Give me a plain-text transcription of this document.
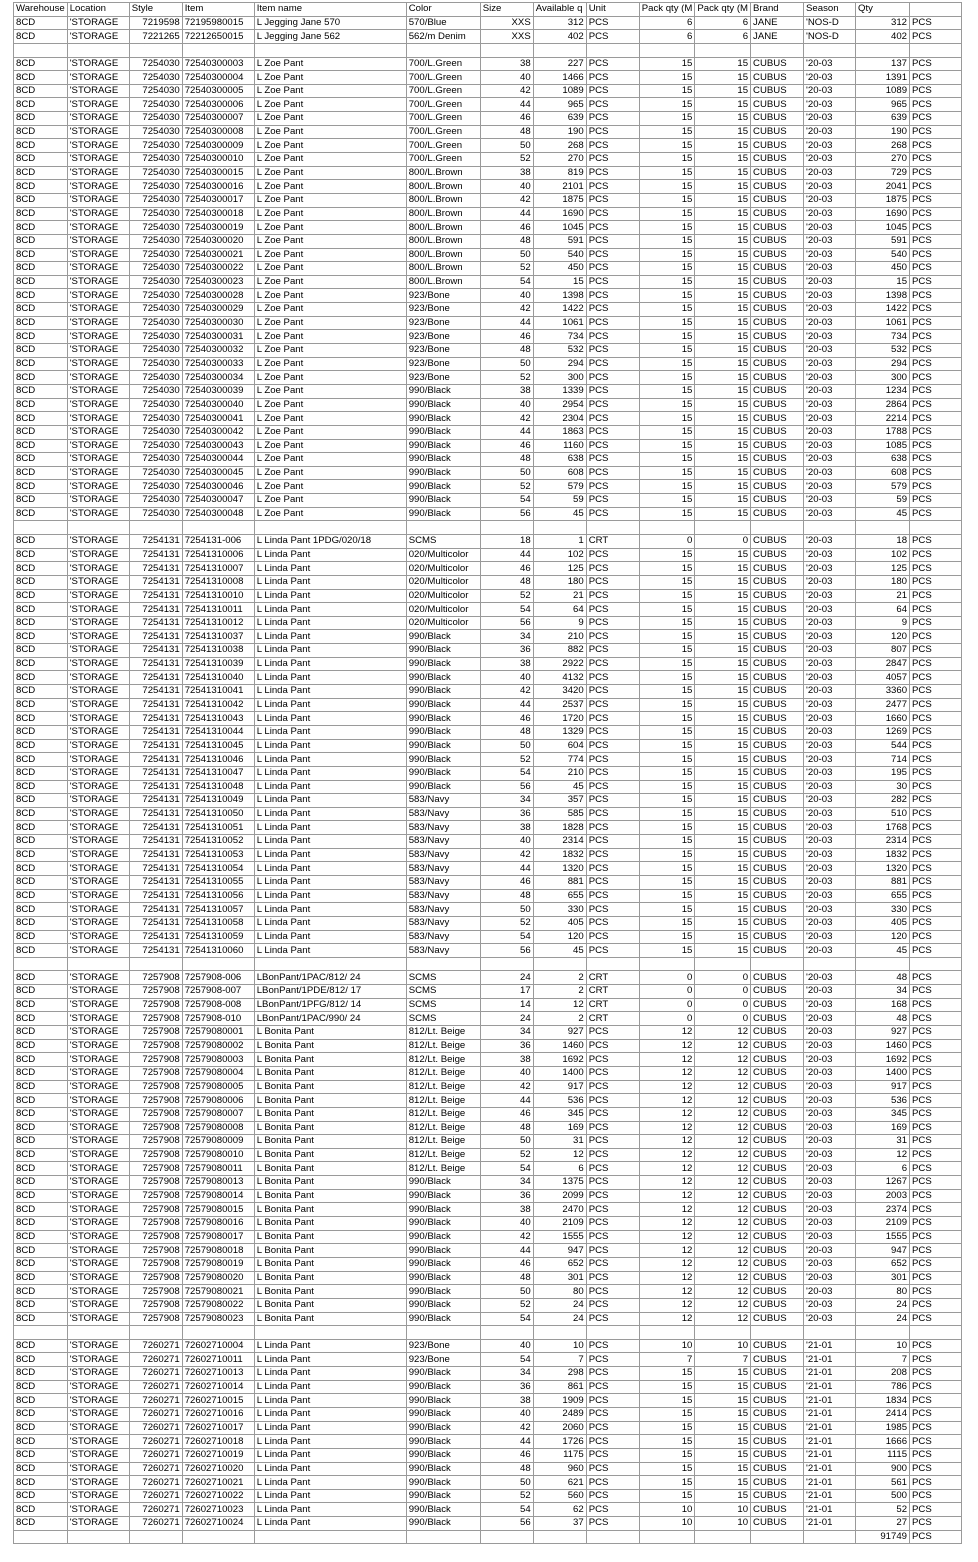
Warehouse	Location	Style	Item	Item name	Color	Size	Available q	Unit	Pack qty (M	Pack qty (M	Brand	Season	Qty	
8CD	'STORAGE	7219598	72195980015	L Jegging Jane 570	570/Blue	XXS	312	PCS	6	6	JANE	'NOS-D	312	PCS
8CD	'STORAGE	7221265	72212650015	L Jegging Jane 562	562/m Denim	XXS	402	PCS	6	6	JANE	'NOS-D	402	PCS

8CD	'STORAGE	7254030	72540300003	L Zoe Pant	700/L.Green	38	227	PCS	15	15	CUBUS	'20-03	137	PCS
8CD	'STORAGE	7254030	72540300004	L Zoe Pant	700/L.Green	40	1466	PCS	15	15	CUBUS	'20-03	1391	PCS
8CD	'STORAGE	7254030	72540300005	L Zoe Pant	700/L.Green	42	1089	PCS	15	15	CUBUS	'20-03	1089	PCS
8CD	'STORAGE	7254030	72540300006	L Zoe Pant	700/L.Green	44	965	PCS	15	15	CUBUS	'20-03	965	PCS
8CD	'STORAGE	7254030	72540300007	L Zoe Pant	700/L.Green	46	639	PCS	15	15	CUBUS	'20-03	639	PCS
8CD	'STORAGE	7254030	72540300008	L Zoe Pant	700/L.Green	48	190	PCS	15	15	CUBUS	'20-03	190	PCS
8CD	'STORAGE	7254030	72540300009	L Zoe Pant	700/L.Green	50	268	PCS	15	15	CUBUS	'20-03	268	PCS
8CD	'STORAGE	7254030	72540300010	L Zoe Pant	700/L.Green	52	270	PCS	15	15	CUBUS	'20-03	270	PCS
8CD	'STORAGE	7254030	72540300015	L Zoe Pant	800/L.Brown	38	819	PCS	15	15	CUBUS	'20-03	729	PCS
8CD	'STORAGE	7254030	72540300016	L Zoe Pant	800/L.Brown	40	2101	PCS	15	15	CUBUS	'20-03	2041	PCS
8CD	'STORAGE	7254030	72540300017	L Zoe Pant	800/L.Brown	42	1875	PCS	15	15	CUBUS	'20-03	1875	PCS
8CD	'STORAGE	7254030	72540300018	L Zoe Pant	800/L.Brown	44	1690	PCS	15	15	CUBUS	'20-03	1690	PCS
8CD	'STORAGE	7254030	72540300019	L Zoe Pant	800/L.Brown	46	1045	PCS	15	15	CUBUS	'20-03	1045	PCS
8CD	'STORAGE	7254030	72540300020	L Zoe Pant	800/L.Brown	48	591	PCS	15	15	CUBUS	'20-03	591	PCS
8CD	'STORAGE	7254030	72540300021	L Zoe Pant	800/L.Brown	50	540	PCS	15	15	CUBUS	'20-03	540	PCS
8CD	'STORAGE	7254030	72540300022	L Zoe Pant	800/L.Brown	52	450	PCS	15	15	CUBUS	'20-03	450	PCS
8CD	'STORAGE	7254030	72540300023	L Zoe Pant	800/L.Brown	54	15	PCS	15	15	CUBUS	'20-03	15	PCS
8CD	'STORAGE	7254030	72540300028	L Zoe Pant	923/Bone	40	1398	PCS	15	15	CUBUS	'20-03	1398	PCS
8CD	'STORAGE	7254030	72540300029	L Zoe Pant	923/Bone	42	1422	PCS	15	15	CUBUS	'20-03	1422	PCS
8CD	'STORAGE	7254030	72540300030	L Zoe Pant	923/Bone	44	1061	PCS	15	15	CUBUS	'20-03	1061	PCS
8CD	'STORAGE	7254030	72540300031	L Zoe Pant	923/Bone	46	734	PCS	15	15	CUBUS	'20-03	734	PCS
8CD	'STORAGE	7254030	72540300032	L Zoe Pant	923/Bone	48	532	PCS	15	15	CUBUS	'20-03	532	PCS
8CD	'STORAGE	7254030	72540300033	L Zoe Pant	923/Bone	50	294	PCS	15	15	CUBUS	'20-03	294	PCS
8CD	'STORAGE	7254030	72540300034	L Zoe Pant	923/Bone	52	300	PCS	15	15	CUBUS	'20-03	300	PCS
8CD	'STORAGE	7254030	72540300039	L Zoe Pant	990/Black	38	1339	PCS	15	15	CUBUS	'20-03	1234	PCS
8CD	'STORAGE	7254030	72540300040	L Zoe Pant	990/Black	40	2954	PCS	15	15	CUBUS	'20-03	2864	PCS
8CD	'STORAGE	7254030	72540300041	L Zoe Pant	990/Black	42	2304	PCS	15	15	CUBUS	'20-03	2214	PCS
8CD	'STORAGE	7254030	72540300042	L Zoe Pant	990/Black	44	1863	PCS	15	15	CUBUS	'20-03	1788	PCS
8CD	'STORAGE	7254030	72540300043	L Zoe Pant	990/Black	46	1160	PCS	15	15	CUBUS	'20-03	1085	PCS
8CD	'STORAGE	7254030	72540300044	L Zoe Pant	990/Black	48	638	PCS	15	15	CUBUS	'20-03	638	PCS
8CD	'STORAGE	7254030	72540300045	L Zoe Pant	990/Black	50	608	PCS	15	15	CUBUS	'20-03	608	PCS
8CD	'STORAGE	7254030	72540300046	L Zoe Pant	990/Black	52	579	PCS	15	15	CUBUS	'20-03	579	PCS
8CD	'STORAGE	7254030	72540300047	L Zoe Pant	990/Black	54	59	PCS	15	15	CUBUS	'20-03	59	PCS
8CD	'STORAGE	7254030	72540300048	L Zoe Pant	990/Black	56	45	PCS	15	15	CUBUS	'20-03	45	PCS

8CD	'STORAGE	7254131	7254131-006	L Linda Pant 1PDG/020/18	SCMS	18	1	CRT	0	0	CUBUS	'20-03	18	PCS
8CD	'STORAGE	7254131	72541310006	L Linda Pant	020/Multicolor	44	102	PCS	15	15	CUBUS	'20-03	102	PCS
8CD	'STORAGE	7254131	72541310007	L Linda Pant	020/Multicolor	46	125	PCS	15	15	CUBUS	'20-03	125	PCS
8CD	'STORAGE	7254131	72541310008	L Linda Pant	020/Multicolor	48	180	PCS	15	15	CUBUS	'20-03	180	PCS
8CD	'STORAGE	7254131	72541310010	L Linda Pant	020/Multicolor	52	21	PCS	15	15	CUBUS	'20-03	21	PCS
8CD	'STORAGE	7254131	72541310011	L Linda Pant	020/Multicolor	54	64	PCS	15	15	CUBUS	'20-03	64	PCS
8CD	'STORAGE	7254131	72541310012	L Linda Pant	020/Multicolor	56	9	PCS	15	15	CUBUS	'20-03	9	PCS
8CD	'STORAGE	7254131	72541310037	L Linda Pant	990/Black	34	210	PCS	15	15	CUBUS	'20-03	120	PCS
8CD	'STORAGE	7254131	72541310038	L Linda Pant	990/Black	36	882	PCS	15	15	CUBUS	'20-03	807	PCS
8CD	'STORAGE	7254131	72541310039	L Linda Pant	990/Black	38	2922	PCS	15	15	CUBUS	'20-03	2847	PCS
8CD	'STORAGE	7254131	72541310040	L Linda Pant	990/Black	40	4132	PCS	15	15	CUBUS	'20-03	4057	PCS
8CD	'STORAGE	7254131	72541310041	L Linda Pant	990/Black	42	3420	PCS	15	15	CUBUS	'20-03	3360	PCS
8CD	'STORAGE	7254131	72541310042	L Linda Pant	990/Black	44	2537	PCS	15	15	CUBUS	'20-03	2477	PCS
8CD	'STORAGE	7254131	72541310043	L Linda Pant	990/Black	46	1720	PCS	15	15	CUBUS	'20-03	1660	PCS
8CD	'STORAGE	7254131	72541310044	L Linda Pant	990/Black	48	1329	PCS	15	15	CUBUS	'20-03	1269	PCS
8CD	'STORAGE	7254131	72541310045	L Linda Pant	990/Black	50	604	PCS	15	15	CUBUS	'20-03	544	PCS
8CD	'STORAGE	7254131	72541310046	L Linda Pant	990/Black	52	774	PCS	15	15	CUBUS	'20-03	714	PCS
8CD	'STORAGE	7254131	72541310047	L Linda Pant	990/Black	54	210	PCS	15	15	CUBUS	'20-03	195	PCS
8CD	'STORAGE	7254131	72541310048	L Linda Pant	990/Black	56	45	PCS	15	15	CUBUS	'20-03	30	PCS
8CD	'STORAGE	7254131	72541310049	L Linda Pant	583/Navy	34	357	PCS	15	15	CUBUS	'20-03	282	PCS
8CD	'STORAGE	7254131	72541310050	L Linda Pant	583/Navy	36	585	PCS	15	15	CUBUS	'20-03	510	PCS
8CD	'STORAGE	7254131	72541310051	L Linda Pant	583/Navy	38	1828	PCS	15	15	CUBUS	'20-03	1768	PCS
8CD	'STORAGE	7254131	72541310052	L Linda Pant	583/Navy	40	2314	PCS	15	15	CUBUS	'20-03	2314	PCS
8CD	'STORAGE	7254131	72541310053	L Linda Pant	583/Navy	42	1832	PCS	15	15	CUBUS	'20-03	1832	PCS
8CD	'STORAGE	7254131	72541310054	L Linda Pant	583/Navy	44	1320	PCS	15	15	CUBUS	'20-03	1320	PCS
8CD	'STORAGE	7254131	72541310055	L Linda Pant	583/Navy	46	881	PCS	15	15	CUBUS	'20-03	881	PCS
8CD	'STORAGE	7254131	72541310056	L Linda Pant	583/Navy	48	655	PCS	15	15	CUBUS	'20-03	655	PCS
8CD	'STORAGE	7254131	72541310057	L Linda Pant	583/Navy	50	330	PCS	15	15	CUBUS	'20-03	330	PCS
8CD	'STORAGE	7254131	72541310058	L Linda Pant	583/Navy	52	405	PCS	15	15	CUBUS	'20-03	405	PCS
8CD	'STORAGE	7254131	72541310059	L Linda Pant	583/Navy	54	120	PCS	15	15	CUBUS	'20-03	120	PCS
8CD	'STORAGE	7254131	72541310060	L Linda Pant	583/Navy	56	45	PCS	15	15	CUBUS	'20-03	45	PCS

8CD	'STORAGE	7257908	7257908-006	LBonPant/1PAC/812/ 24	SCMS	24	2	CRT	0	0	CUBUS	'20-03	48	PCS
8CD	'STORAGE	7257908	7257908-007	LBonPant/1PDE/812/ 17	SCMS	17	2	CRT	0	0	CUBUS	'20-03	34	PCS
8CD	'STORAGE	7257908	7257908-008	LBonPant/1PFG/812/ 14	SCMS	14	12	CRT	0	0	CUBUS	'20-03	168	PCS
8CD	'STORAGE	7257908	7257908-010	LBonPant/1PAC/990/ 24	SCMS	24	2	CRT	0	0	CUBUS	'20-03	48	PCS
8CD	'STORAGE	7257908	72579080001	L Bonita Pant	812/Lt. Beige	34	927	PCS	12	12	CUBUS	'20-03	927	PCS
8CD	'STORAGE	7257908	72579080002	L Bonita Pant	812/Lt. Beige	36	1460	PCS	12	12	CUBUS	'20-03	1460	PCS
8CD	'STORAGE	7257908	72579080003	L Bonita Pant	812/Lt. Beige	38	1692	PCS	12	12	CUBUS	'20-03	1692	PCS
8CD	'STORAGE	7257908	72579080004	L Bonita Pant	812/Lt. Beige	40	1400	PCS	12	12	CUBUS	'20-03	1400	PCS
8CD	'STORAGE	7257908	72579080005	L Bonita Pant	812/Lt. Beige	42	917	PCS	12	12	CUBUS	'20-03	917	PCS
8CD	'STORAGE	7257908	72579080006	L Bonita Pant	812/Lt. Beige	44	536	PCS	12	12	CUBUS	'20-03	536	PCS
8CD	'STORAGE	7257908	72579080007	L Bonita Pant	812/Lt. Beige	46	345	PCS	12	12	CUBUS	'20-03	345	PCS
8CD	'STORAGE	7257908	72579080008	L Bonita Pant	812/Lt. Beige	48	169	PCS	12	12	CUBUS	'20-03	169	PCS
8CD	'STORAGE	7257908	72579080009	L Bonita Pant	812/Lt. Beige	50	31	PCS	12	12	CUBUS	'20-03	31	PCS
8CD	'STORAGE	7257908	72579080010	L Bonita Pant	812/Lt. Beige	52	12	PCS	12	12	CUBUS	'20-03	12	PCS
8CD	'STORAGE	7257908	72579080011	L Bonita Pant	812/Lt. Beige	54	6	PCS	12	12	CUBUS	'20-03	6	PCS
8CD	'STORAGE	7257908	72579080013	L Bonita Pant	990/Black	34	1375	PCS	12	12	CUBUS	'20-03	1267	PCS
8CD	'STORAGE	7257908	72579080014	L Bonita Pant	990/Black	36	2099	PCS	12	12	CUBUS	'20-03	2003	PCS
8CD	'STORAGE	7257908	72579080015	L Bonita Pant	990/Black	38	2470	PCS	12	12	CUBUS	'20-03	2374	PCS
8CD	'STORAGE	7257908	72579080016	L Bonita Pant	990/Black	40	2109	PCS	12	12	CUBUS	'20-03	2109	PCS
8CD	'STORAGE	7257908	72579080017	L Bonita Pant	990/Black	42	1555	PCS	12	12	CUBUS	'20-03	1555	PCS
8CD	'STORAGE	7257908	72579080018	L Bonita Pant	990/Black	44	947	PCS	12	12	CUBUS	'20-03	947	PCS
8CD	'STORAGE	7257908	72579080019	L Bonita Pant	990/Black	46	652	PCS	12	12	CUBUS	'20-03	652	PCS
8CD	'STORAGE	7257908	72579080020	L Bonita Pant	990/Black	48	301	PCS	12	12	CUBUS	'20-03	301	PCS
8CD	'STORAGE	7257908	72579080021	L Bonita Pant	990/Black	50	80	PCS	12	12	CUBUS	'20-03	80	PCS
8CD	'STORAGE	7257908	72579080022	L Bonita Pant	990/Black	52	24	PCS	12	12	CUBUS	'20-03	24	PCS
8CD	'STORAGE	7257908	72579080023	L Bonita Pant	990/Black	54	24	PCS	12	12	CUBUS	'20-03	24	PCS

8CD	'STORAGE	7260271	72602710004	L Linda Pant	923/Bone	40	10	PCS	10	10	CUBUS	'21-01	10	PCS
8CD	'STORAGE	7260271	72602710011	L Linda Pant	923/Bone	54	7	PCS	7	7	CUBUS	'21-01	7	PCS
8CD	'STORAGE	7260271	72602710013	L Linda Pant	990/Black	34	298	PCS	15	15	CUBUS	'21-01	208	PCS
8CD	'STORAGE	7260271	72602710014	L Linda Pant	990/Black	36	861	PCS	15	15	CUBUS	'21-01	786	PCS
8CD	'STORAGE	7260271	72602710015	L Linda Pant	990/Black	38	1909	PCS	15	15	CUBUS	'21-01	1834	PCS
8CD	'STORAGE	7260271	72602710016	L Linda Pant	990/Black	40	2489	PCS	15	15	CUBUS	'21-01	2414	PCS
8CD	'STORAGE	7260271	72602710017	L Linda Pant	990/Black	42	2060	PCS	15	15	CUBUS	'21-01	1985	PCS
8CD	'STORAGE	7260271	72602710018	L Linda Pant	990/Black	44	1726	PCS	15	15	CUBUS	'21-01	1666	PCS
8CD	'STORAGE	7260271	72602710019	L Linda Pant	990/Black	46	1175	PCS	15	15	CUBUS	'21-01	1115	PCS
8CD	'STORAGE	7260271	72602710020	L Linda Pant	990/Black	48	960	PCS	15	15	CUBUS	'21-01	900	PCS
8CD	'STORAGE	7260271	72602710021	L Linda Pant	990/Black	50	621	PCS	15	15	CUBUS	'21-01	561	PCS
8CD	'STORAGE	7260271	72602710022	L Linda Pant	990/Black	52	560	PCS	15	15	CUBUS	'21-01	500	PCS
8CD	'STORAGE	7260271	72602710023	L Linda Pant	990/Black	54	62	PCS	10	10	CUBUS	'21-01	52	PCS
8CD	'STORAGE	7260271	72602710024	L Linda Pant	990/Black	56	37	PCS	10	10	CUBUS	'21-01	27	PCS
													91749	PCS
